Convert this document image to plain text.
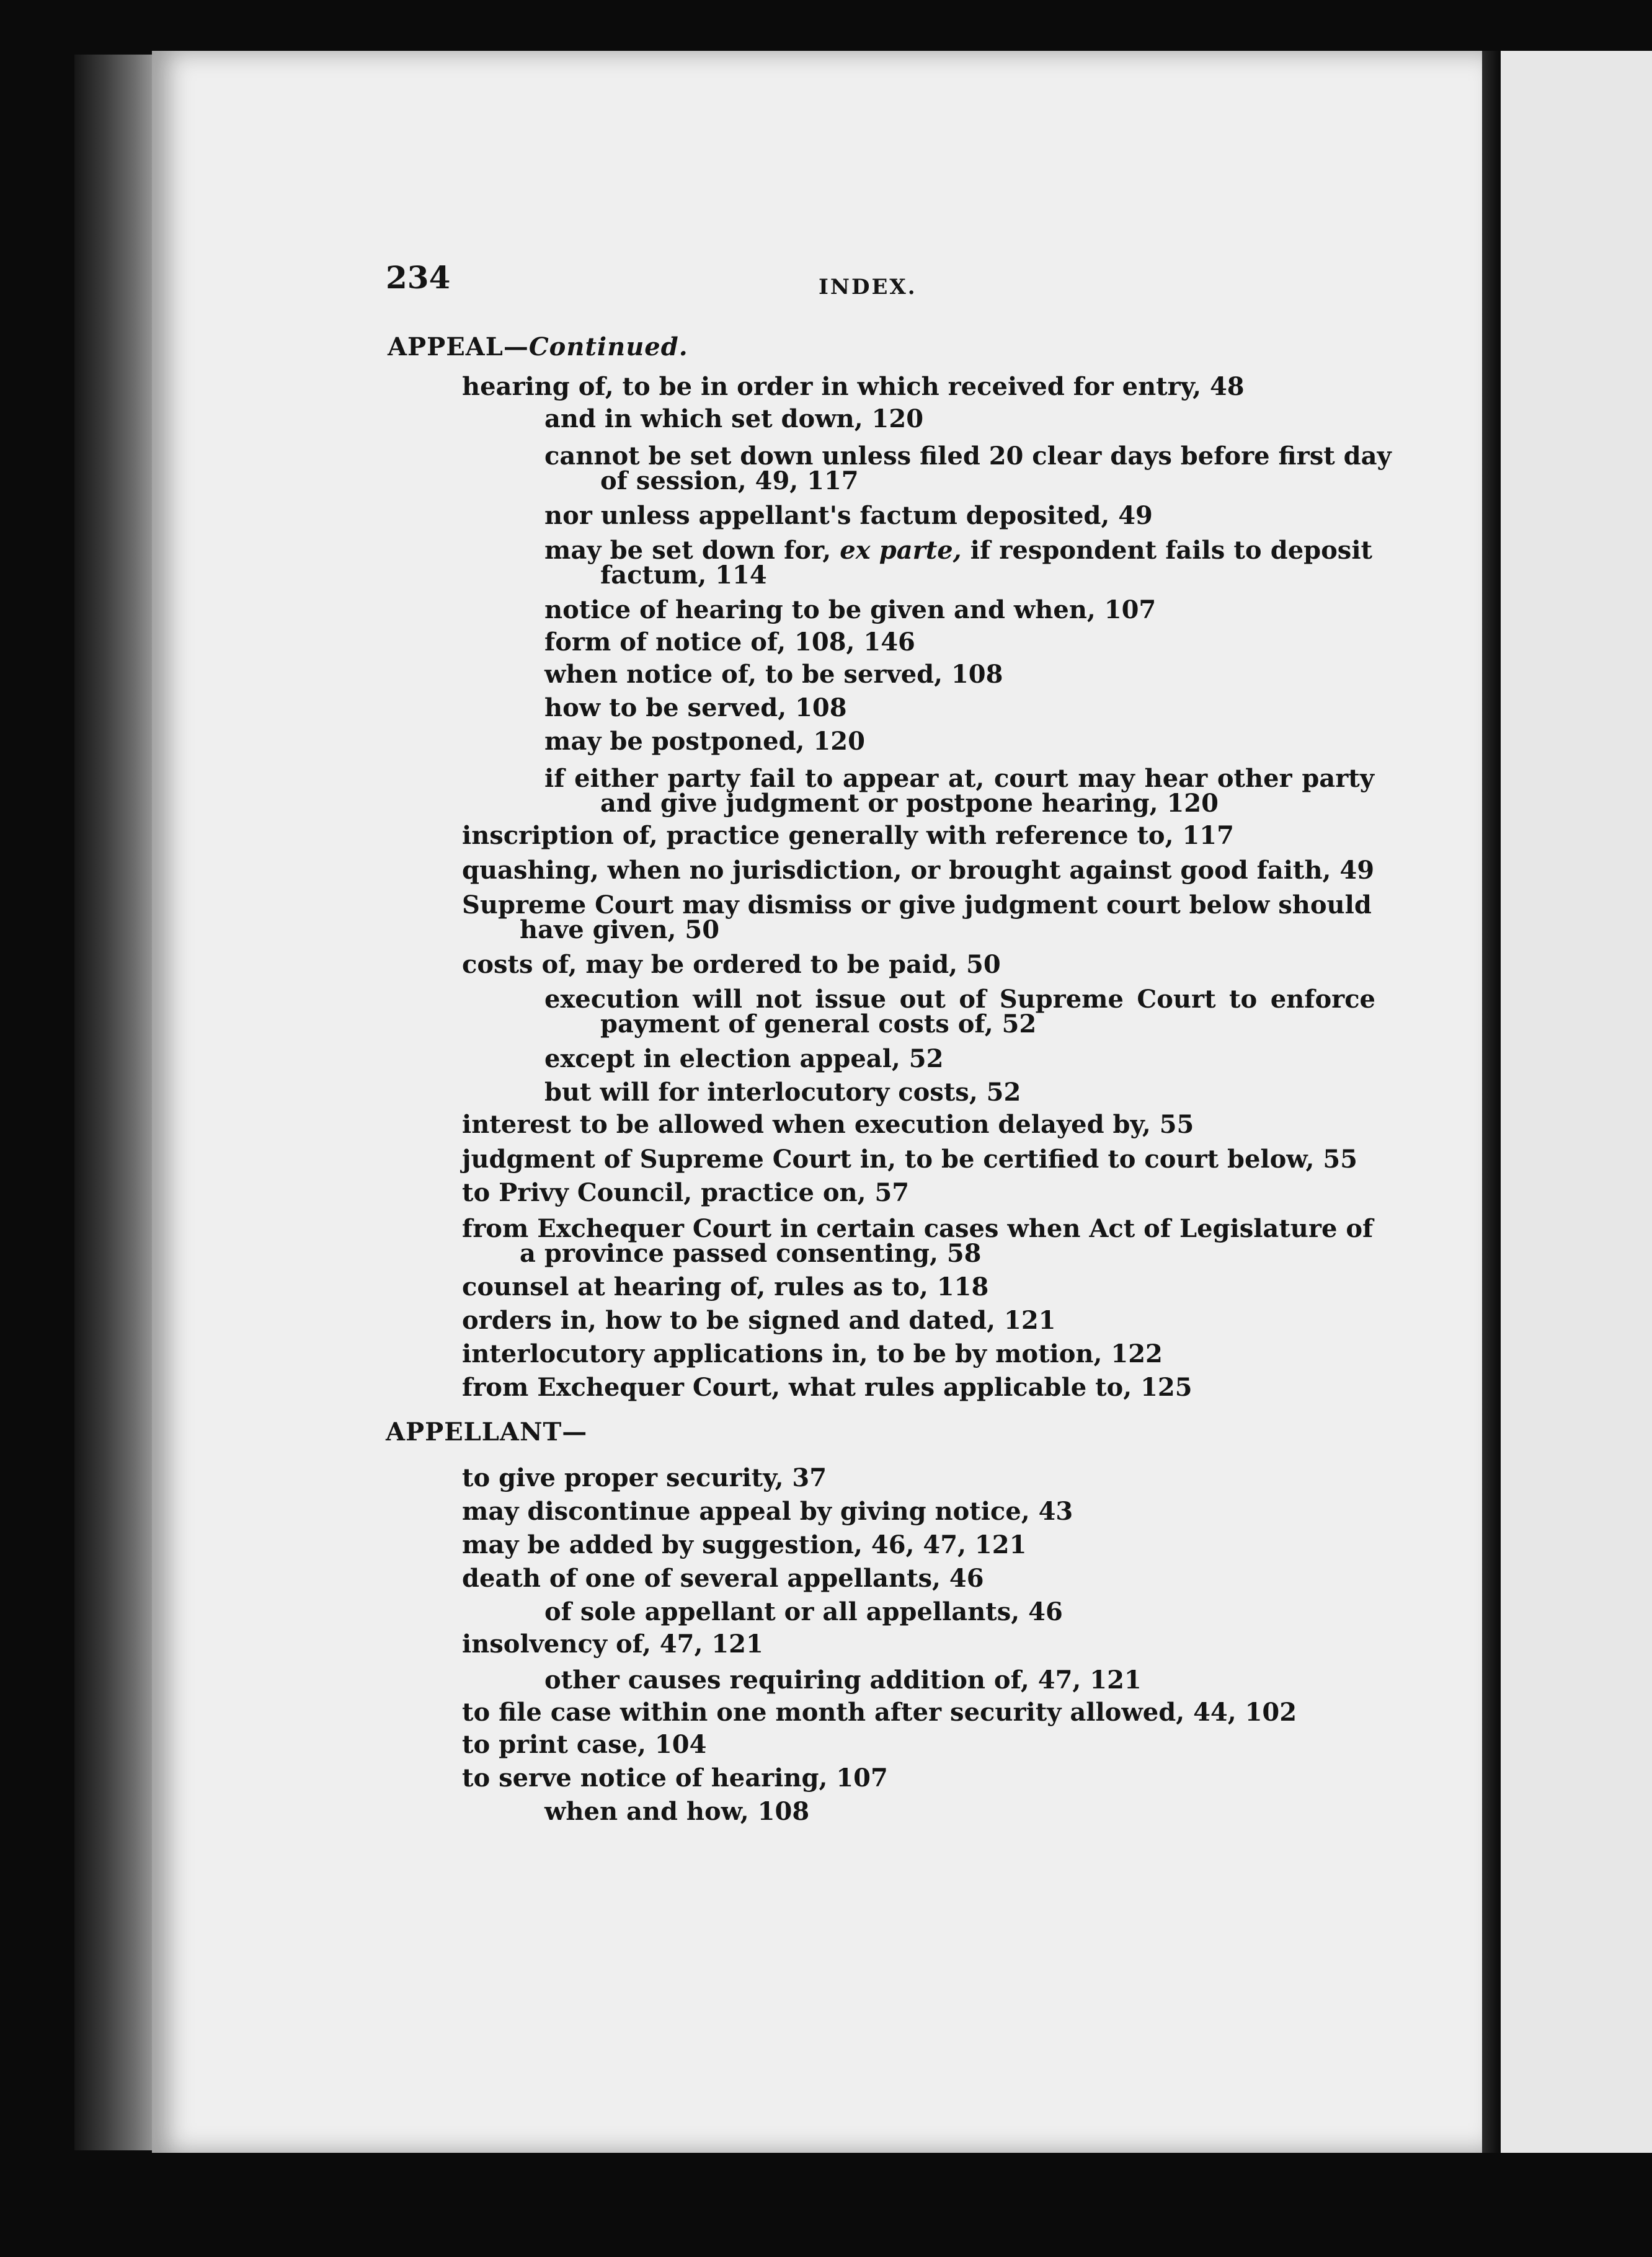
234	INDEX.
APPEAL—Continued.
hearing of, to be in order in which received for entry, 48
and in which set down, 120
cannot be set down unless filed 20 clear days before first day
of session, 49, 117
nor unless appellant's factum deposited, 49
may be set down for, ex parte, if respondent fails to deposit
factum, 114
notice of hearing to be given and when, 107
form of notice of, 108, 146
when notice of, to be served, 108
how to be served, 108
may be postponed, 120
if either party fail to appear at, court may hear other party
and give judgment or postpone hearing, 120
inscription of, practice generally with reference to, 117
quashing, when no jurisdiction, or brought against good faith, 49
Supreme Court may dismiss or give judgment court below should
have given, 50
costs of, may be ordered to be paid, 50
execution will not issue out of Supreme Court to enforce
payment of general costs of, 52
except in election appeal, 52
but will for interlocutory costs, 52
interest to be allowed when execution delayed by, 55
judgment of Supreme Court in, to be certified to court below, 55
to Privy Council, practice on, 57
from Exchequer Court in certain cases when Act of Legislature of
a province passed consenting, 58
counsel at hearing of, rules as to, 118
orders in, how to be signed and dated, 121
interlocutory applications in, to be by motion, 122
from Exchequer Court, what rules applicable to, 125
APPELLANT—
to give proper security, 37
may discontinue appeal by giving notice, 43
may be added by suggestion, 46, 47, 121
death of one of several appellants, 46
of sole appellant or all appellants, 46
insolvency of, 47, 121
other causes requiring addition of, 47, 121
to file case within one month after security allowed, 44, 102
to print case, 104
to serve notice of hearing, 107
when and how, 108
